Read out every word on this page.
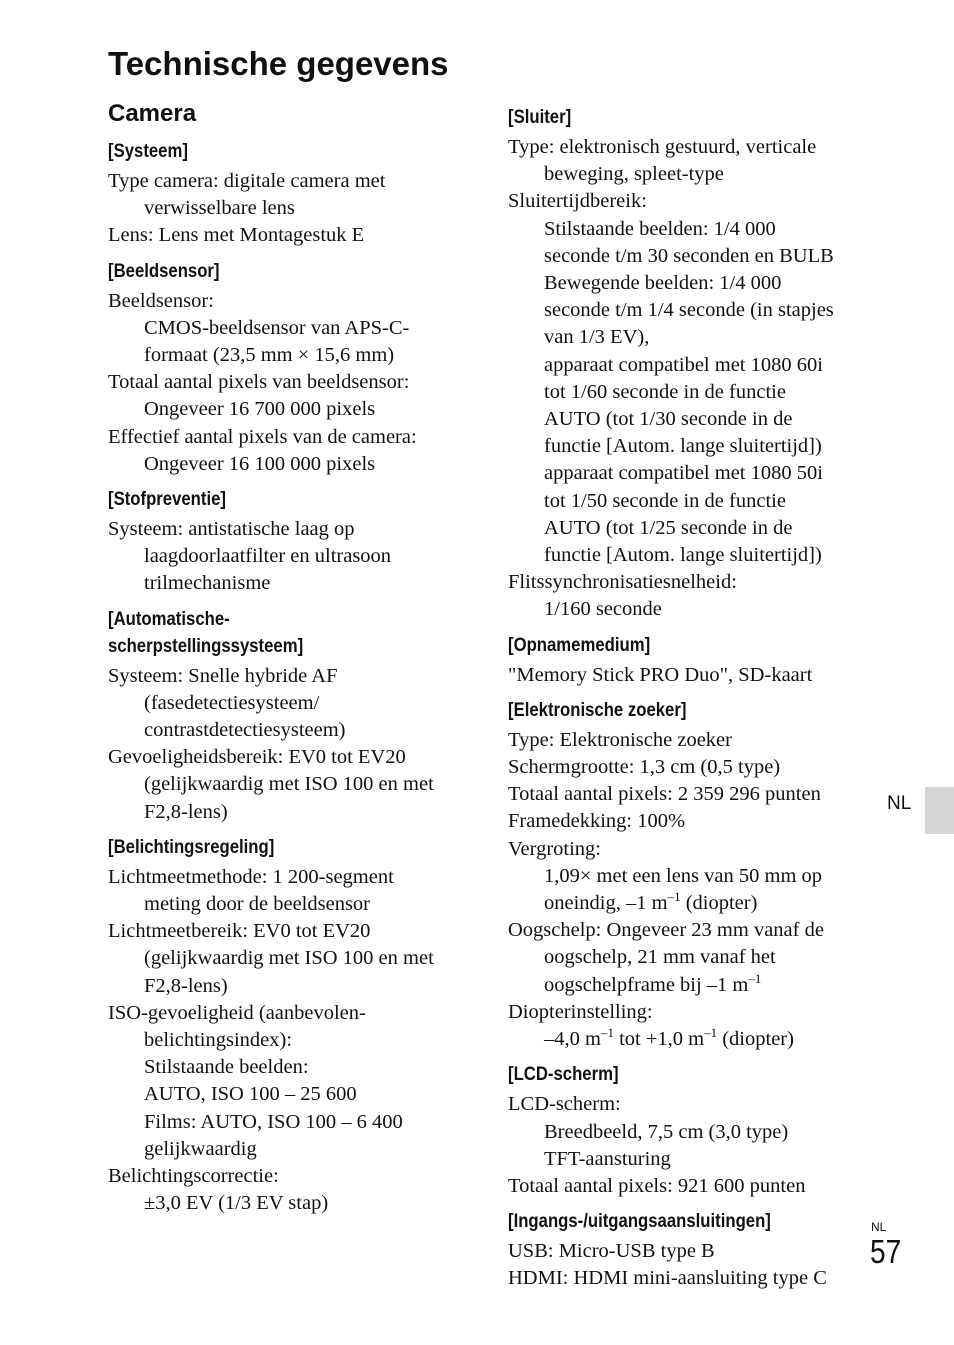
Technische gegevens
Camera
[Systeem]

Type camera: digitale camera met

verwisselbare lens

Lens: Lens met Montagestuk E

[Beeldsensor]

Beeldsensor:

CMOS-beeldsensor van APS-C-

formaat (23,5 mm × 15,6 mm)

Totaal aantal pixels van beeldsensor:

Ongeveer 16 700 000 pixels

Effectief aantal pixels van de camera:

Ongeveer 16 100 000 pixels

[Stofpreventie]

Systeem: antistatische laag op

laagdoorlaatfilter en ultrasoon

trilmechanisme

[Automatische-
scherpstellingssysteem]

Systeem: Snelle hybride AF

(fasedetectiesysteem/

contrastdetectiesysteem)

Gevoeligheidsbereik: EV0 tot EV20

(gelijkwaardig met ISO 100 en met

F2,8-lens)

[Belichtingsregeling]

Lichtmeetmethode: 1 200-segment

meting door de beeldsensor

Lichtmeetbereik: EV0 tot EV20

(gelijkwaardig met ISO 100 en met

F2,8-lens)

ISO-gevoeligheid (aanbevolen-

belichtingsindex):

Stilstaande beelden:

AUTO, ISO 100 – 25 600

Films: AUTO, ISO 100 – 6 400

gelijkwaardig

Belichtingscorrectie:

±3,0 EV (1/3 EV stap)

[Sluiter]

Type: elektronisch gestuurd, verticale

beweging, spleet-type

Sluitertijdbereik:

Stilstaande beelden: 1/4 000

seconde t/m 30 seconden en BULB

Bewegende beelden: 1/4 000

seconde t/m 1/4 seconde (in stapjes

van 1/3 EV),

apparaat compatibel met 1080 60i

tot 1/60 seconde in de functie

AUTO (tot 1/30 seconde in de

functie [Autom. lange sluitertijd])

apparaat compatibel met 1080 50i

tot 1/50 seconde in de functie

AUTO (tot 1/25 seconde in de

functie [Autom. lange sluitertijd])

Flitssynchronisatiesnelheid:

1/160 seconde

[Opnamemedium]

"Memory Stick PRO Duo", SD-kaart

[Elektronische zoeker]

Type: Elektronische zoeker

Schermgrootte: 1,3 cm (0,5 type)

Totaal aantal pixels: 2 359 296 punten

Framedekking: 100%

Vergroting:

1,09× met een lens van 50 mm op

oneindig, –1 $m^{-1}$ (diopter)

Oogschelp: Ongeveer 23 mm vanaf de

oogschelp, 21 mm vanaf het

oogschelpframe bij –1 $m^{-1}$

Diopterinstelling:

–4,0 $m^{-1}$ tot +1,0 $m^{-1}$ (diopter)

[LCD-scherm]

LCD-scherm:

Breedbeeld, 7,5 cm (3,0 type)

TFT-aansturing

Totaal aantal pixels: 921 600 punten

[Ingangs-/uitgangsaansluitingen]

USB: Micro-USB type B

HDMI: HDMI mini-aansluiting type C

NL
NL
57
